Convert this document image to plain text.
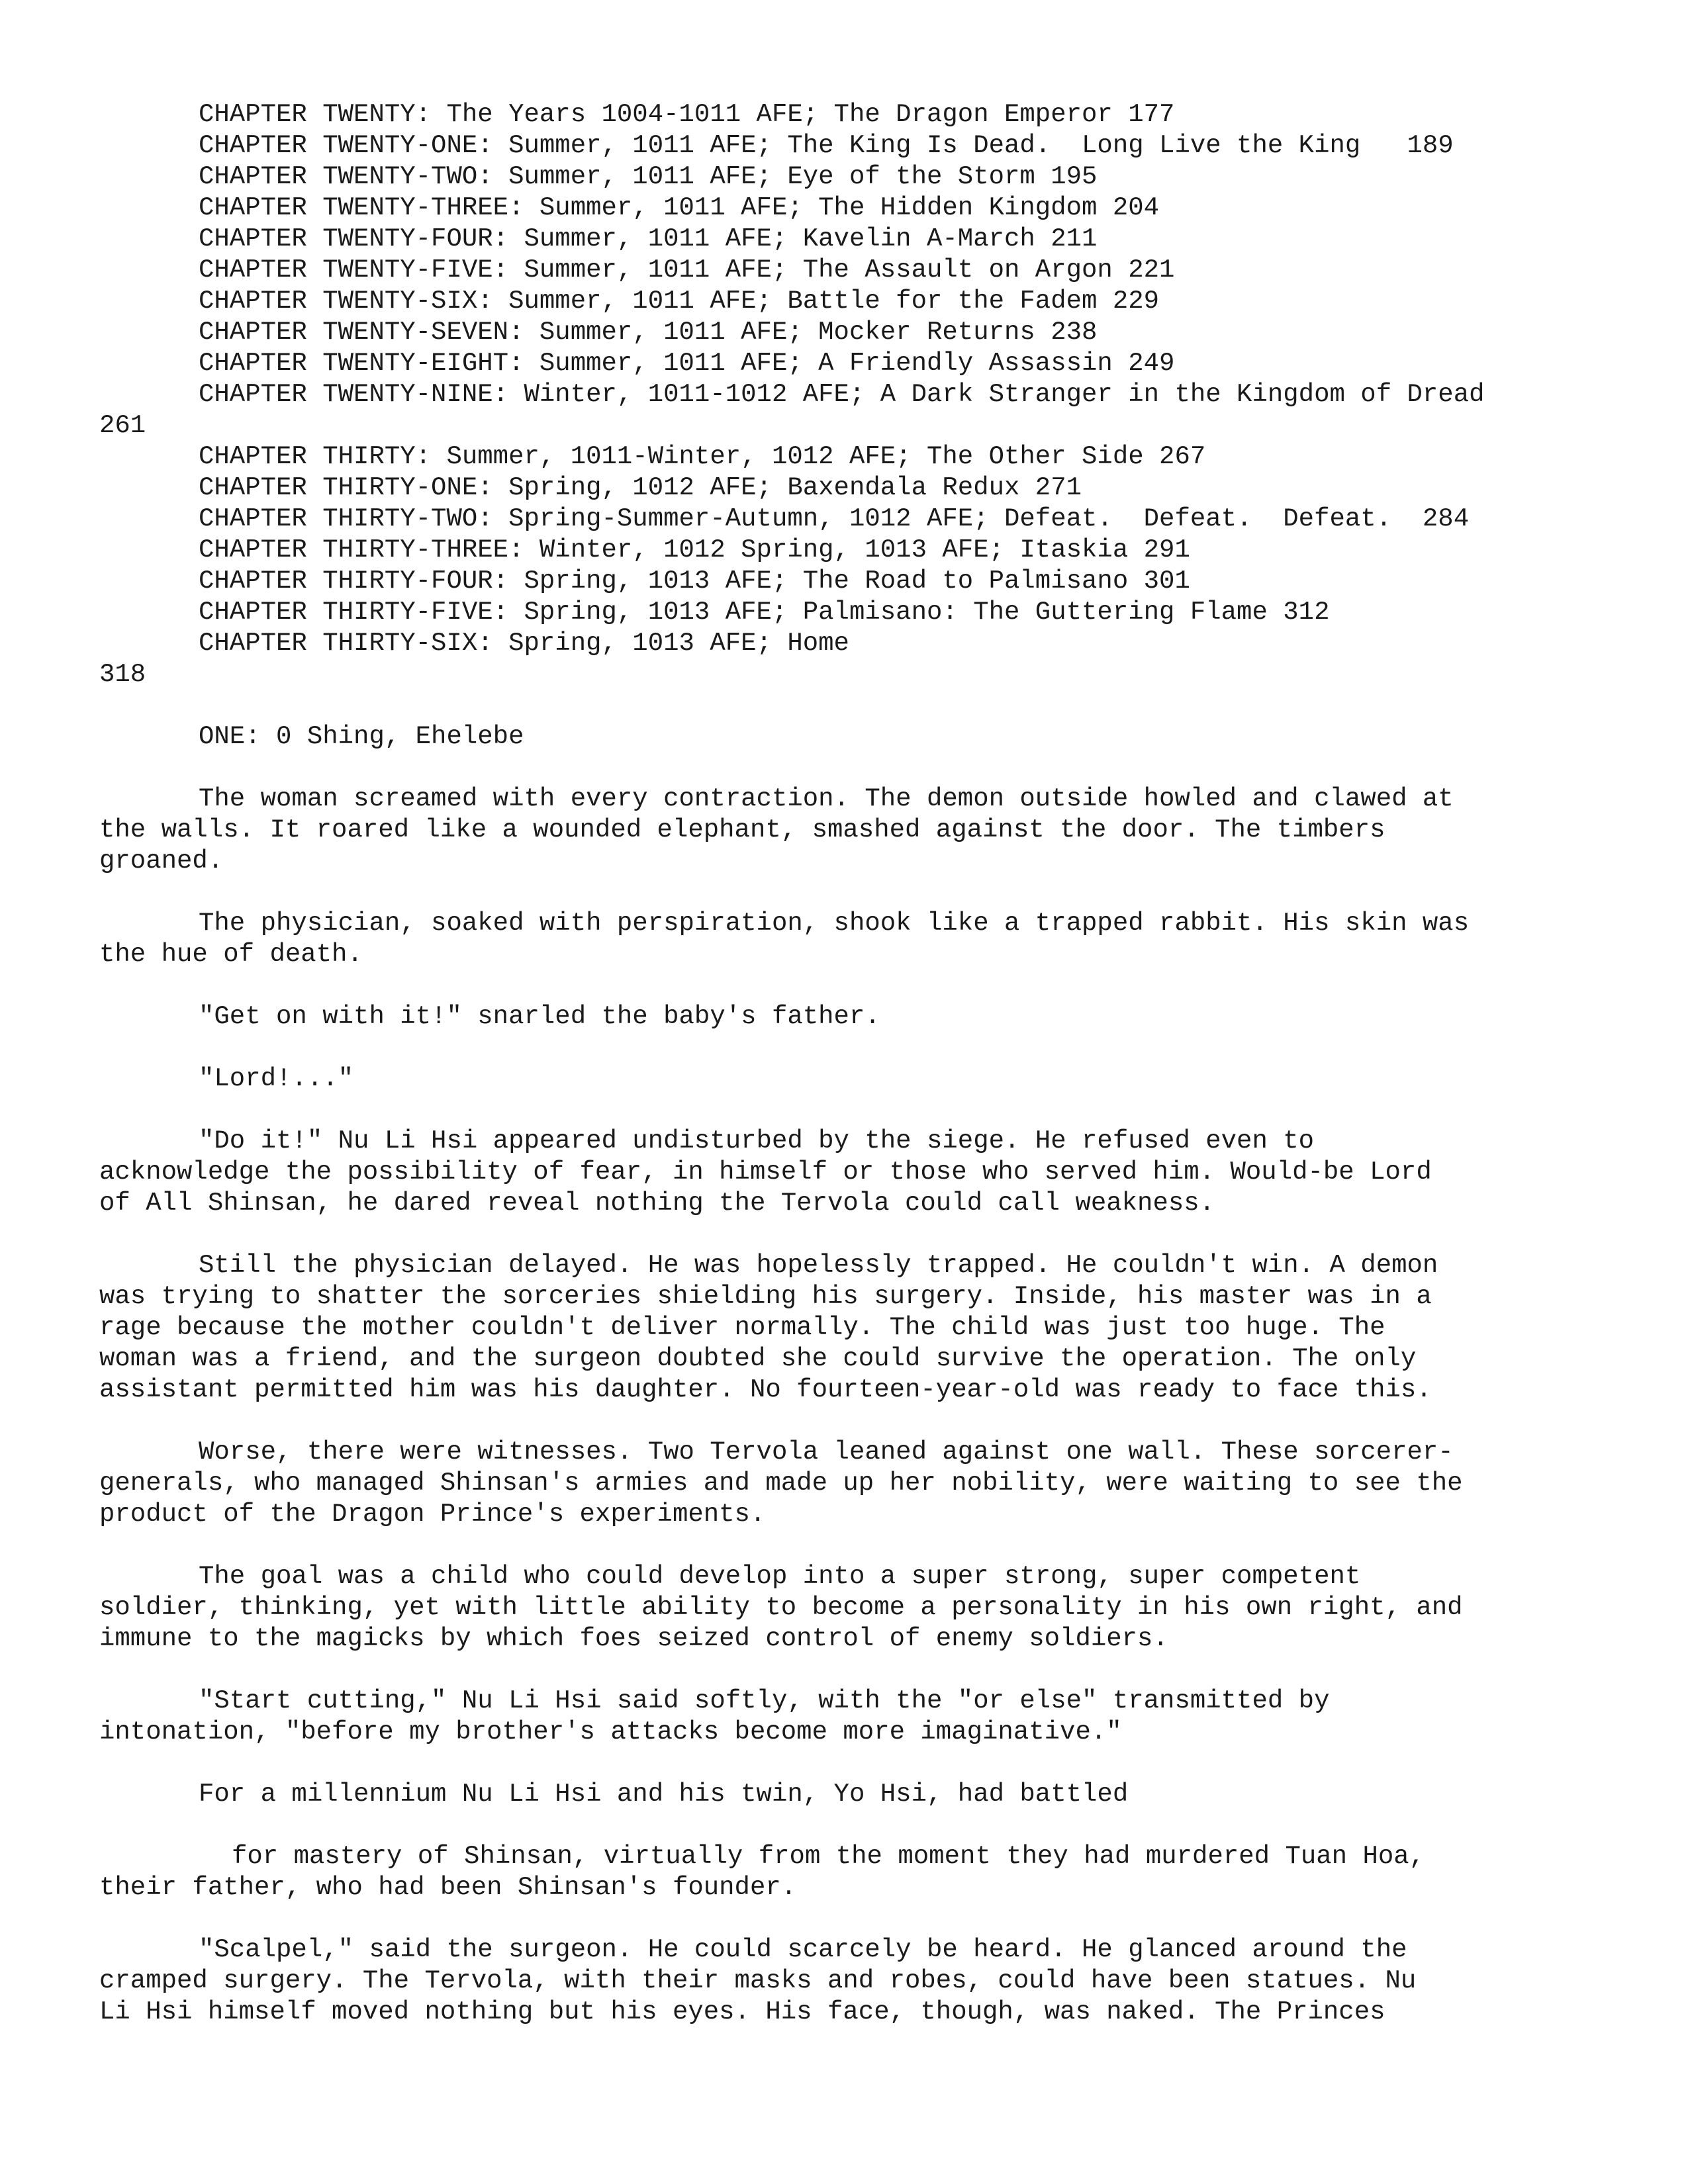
CHAPTER TWENTY: The Years 1004-1011 AFE; The Dragon Emperor 177

CHAPTER TWENTY-ONE: Summer, 1011 AFE; The King Is Dead.  Long Live the King   189

CHAPTER TWENTY-TWO: Summer, 1011 AFE; Eye of the Storm 195

CHAPTER TWENTY-THREE: Summer, 1011 AFE; The Hidden Kingdom 204

CHAPTER TWENTY-FOUR: Summer, 1011 AFE; Kavelin A-March 211

CHAPTER TWENTY-FIVE: Summer, 1011 AFE; The Assault on Argon 221

CHAPTER TWENTY-SIX: Summer, 1011 AFE; Battle for the Fadem 229

CHAPTER TWENTY-SEVEN: Summer, 1011 AFE; Mocker Returns 238

CHAPTER TWENTY-EIGHT: Summer, 1011 AFE; A Friendly Assassin 249

CHAPTER TWENTY-NINE: Winter, 1011-1012 AFE; A Dark Stranger in the Kingdom of Dread

261

CHAPTER THIRTY: Summer, 1011-Winter, 1012 AFE; The Other Side 267

CHAPTER THIRTY-ONE: Spring, 1012 AFE; Baxendala Redux 271

CHAPTER THIRTY-TWO: Spring-Summer-Autumn, 1012 AFE; Defeat.  Defeat.  Defeat.  284

CHAPTER THIRTY-THREE: Winter, 1012 Spring, 1013 AFE; Itaskia 291

CHAPTER THIRTY-FOUR: Spring, 1013 AFE; The Road to Palmisano 301

CHAPTER THIRTY-FIVE: Spring, 1013 AFE; Palmisano: The Guttering Flame 312

CHAPTER THIRTY-SIX: Spring, 1013 AFE; Home

318

ONE: 0 Shing, Ehelebe

The woman screamed with every contraction. The demon outside howled and clawed at
the walls. It roared like a wounded elephant, smashed against the door. The timbers
groaned.

The physician, soaked with perspiration, shook like a trapped rabbit. His skin was
the hue of death.

"Get on with it!" snarled the baby's father.

"Lord!..."

"Do it!" Nu Li Hsi appeared undisturbed by the siege. He refused even to
acknowledge the possibility of fear, in himself or those who served him. Would-be Lord
of All Shinsan, he dared reveal nothing the Tervola could call weakness.

Still the physician delayed. He was hopelessly trapped. He couldn't win. A demon
was trying to shatter the sorceries shielding his surgery. Inside, his master was in a
rage because the mother couldn't deliver normally. The child was just too huge. The
woman was a friend, and the surgeon doubted she could survive the operation. The only
assistant permitted him was his daughter. No fourteen-year-old was ready to face this.

Worse, there were witnesses. Two Tervola leaned against one wall. These sorcerer-
generals, who managed Shinsan's armies and made up her nobility, were waiting to see the
product of the Dragon Prince's experiments.

The goal was a child who could develop into a super strong, super competent
soldier, thinking, yet with little ability to become a personality in his own right, and
immune to the magicks by which foes seized control of enemy soldiers.

"Start cutting," Nu Li Hsi said softly, with the "or else" transmitted by
intonation, "before my brother's attacks become more imaginative."

For a millennium Nu Li Hsi and his twin, Yo Hsi, had battled

for mastery of Shinsan, virtually from the moment they had murdered Tuan Hoa,
their father, who had been Shinsan's founder.

"Scalpel," said the surgeon. He could scarcely be heard. He glanced around the
cramped surgery. The Tervola, with their masks and robes, could have been statues. Nu
Li Hsi himself moved nothing but his eyes. His face, though, was naked. The Princes
